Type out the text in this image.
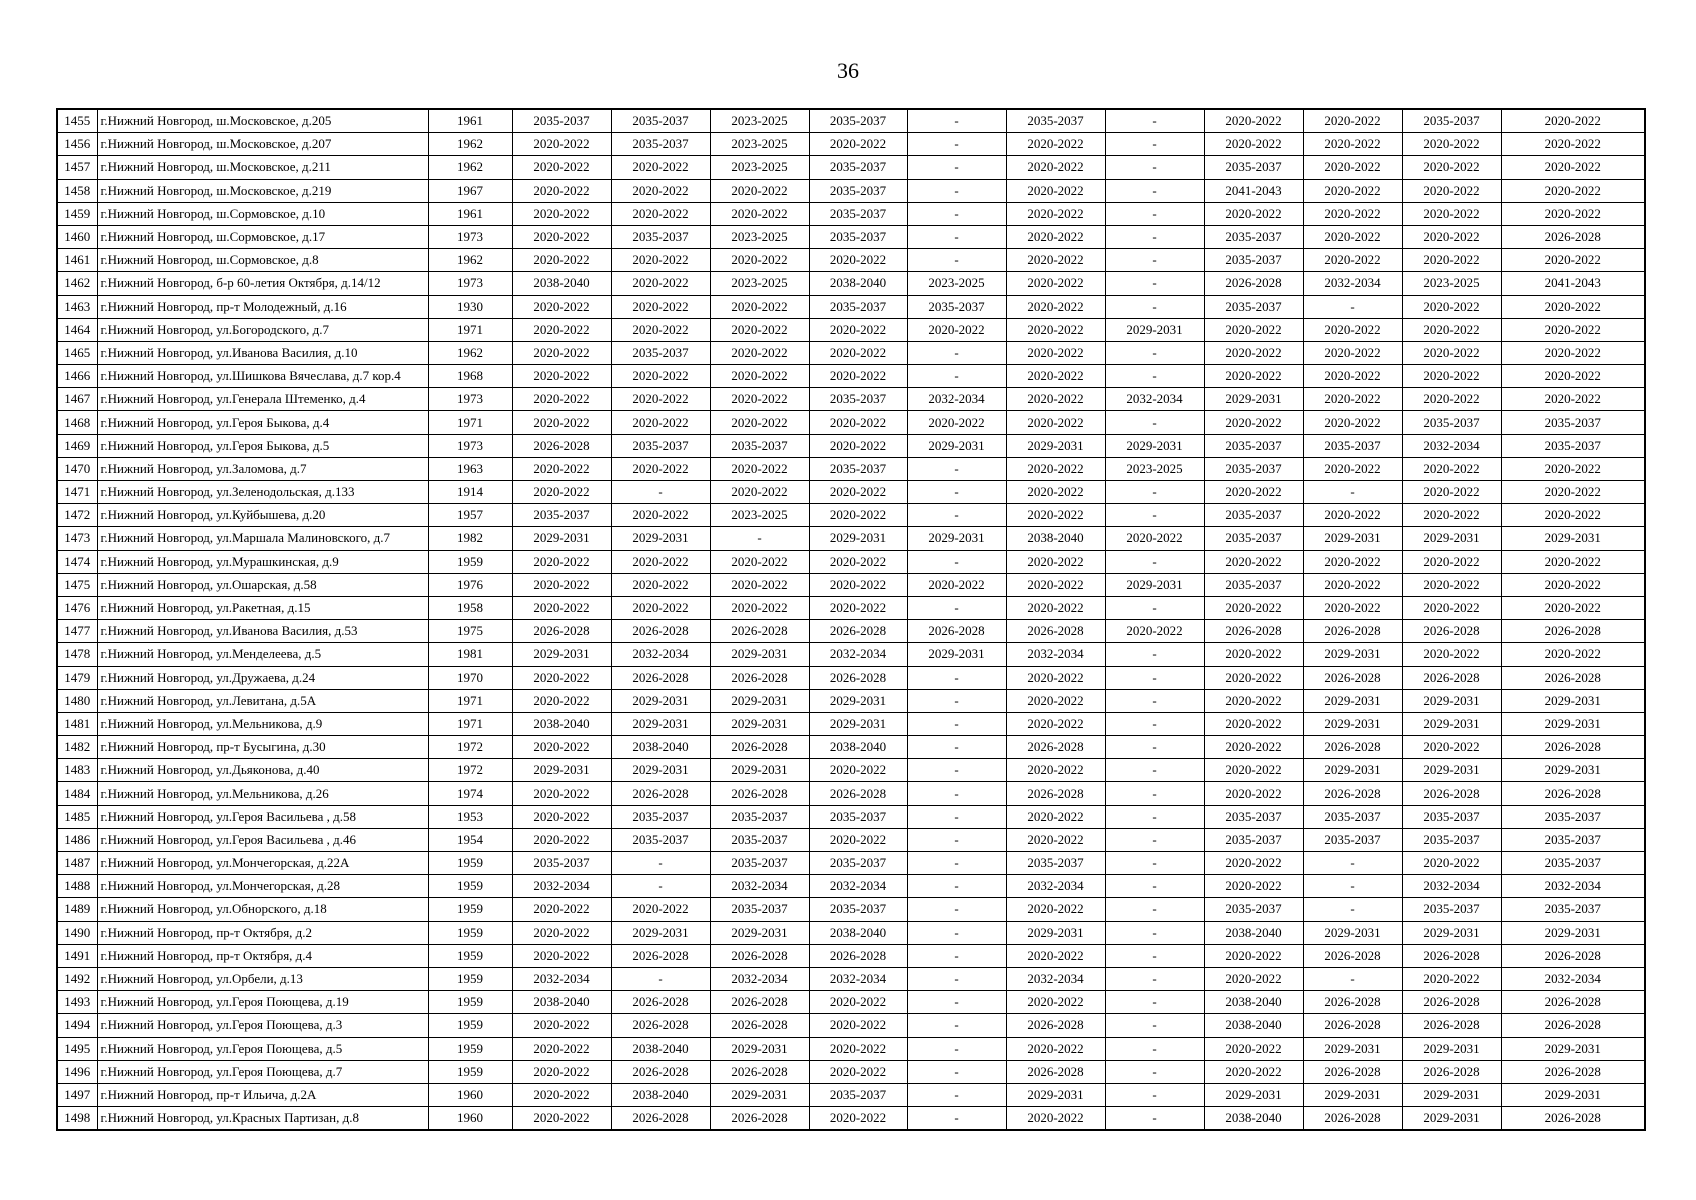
36
1455	г.Нижний Новгород, ш.Московское, д.205	1961	2035-2037	2035-2037	2023-2025	2035-2037	-	2035-2037	-	2020-2022	2020-2022	2035-2037	2020-2022
1456	г.Нижний Новгород, ш.Московское, д.207	1962	2020-2022	2035-2037	2023-2025	2020-2022	-	2020-2022	-	2020-2022	2020-2022	2020-2022	2020-2022
1457	г.Нижний Новгород, ш.Московское, д.211	1962	2020-2022	2020-2022	2023-2025	2035-2037	-	2020-2022	-	2035-2037	2020-2022	2020-2022	2020-2022
1458	г.Нижний Новгород, ш.Московское, д.219	1967	2020-2022	2020-2022	2020-2022	2035-2037	-	2020-2022	-	2041-2043	2020-2022	2020-2022	2020-2022
1459	г.Нижний Новгород, ш.Сормовское, д.10	1961	2020-2022	2020-2022	2020-2022	2035-2037	-	2020-2022	-	2020-2022	2020-2022	2020-2022	2020-2022
1460	г.Нижний Новгород, ш.Сормовское, д.17	1973	2020-2022	2035-2037	2023-2025	2035-2037	-	2020-2022	-	2035-2037	2020-2022	2020-2022	2026-2028
1461	г.Нижний Новгород, ш.Сормовское, д.8	1962	2020-2022	2020-2022	2020-2022	2020-2022	-	2020-2022	-	2035-2037	2020-2022	2020-2022	2020-2022
1462	г.Нижний Новгород, б-р 60-летия Октября, д.14/12	1973	2038-2040	2020-2022	2023-2025	2038-2040	2023-2025	2020-2022	-	2026-2028	2032-2034	2023-2025	2041-2043
1463	г.Нижний Новгород, пр-т Молодежный, д.16	1930	2020-2022	2020-2022	2020-2022	2035-2037	2035-2037	2020-2022	-	2035-2037	-	2020-2022	2020-2022
1464	г.Нижний Новгород, ул.Богородского, д.7	1971	2020-2022	2020-2022	2020-2022	2020-2022	2020-2022	2020-2022	2029-2031	2020-2022	2020-2022	2020-2022	2020-2022
1465	г.Нижний Новгород, ул.Иванова Василия, д.10	1962	2020-2022	2035-2037	2020-2022	2020-2022	-	2020-2022	-	2020-2022	2020-2022	2020-2022	2020-2022
1466	г.Нижний Новгород, ул.Шишкова Вячеслава, д.7 кор.4	1968	2020-2022	2020-2022	2020-2022	2020-2022	-	2020-2022	-	2020-2022	2020-2022	2020-2022	2020-2022
1467	г.Нижний Новгород, ул.Генерала Штеменко, д.4	1973	2020-2022	2020-2022	2020-2022	2035-2037	2032-2034	2020-2022	2032-2034	2029-2031	2020-2022	2020-2022	2020-2022
1468	г.Нижний Новгород, ул.Героя Быкова, д.4	1971	2020-2022	2020-2022	2020-2022	2020-2022	2020-2022	2020-2022	-	2020-2022	2020-2022	2035-2037	2035-2037
1469	г.Нижний Новгород, ул.Героя Быкова, д.5	1973	2026-2028	2035-2037	2035-2037	2020-2022	2029-2031	2029-2031	2029-2031	2035-2037	2035-2037	2032-2034	2035-2037
1470	г.Нижний Новгород, ул.Заломова, д.7	1963	2020-2022	2020-2022	2020-2022	2035-2037	-	2020-2022	2023-2025	2035-2037	2020-2022	2020-2022	2020-2022
1471	г.Нижний Новгород, ул.Зеленодольская, д.133	1914	2020-2022	-	2020-2022	2020-2022	-	2020-2022	-	2020-2022	-	2020-2022	2020-2022
1472	г.Нижний Новгород, ул.Куйбышева, д.20	1957	2035-2037	2020-2022	2023-2025	2020-2022	-	2020-2022	-	2035-2037	2020-2022	2020-2022	2020-2022
1473	г.Нижний Новгород, ул.Маршала Малиновского, д.7	1982	2029-2031	2029-2031	-	2029-2031	2029-2031	2038-2040	2020-2022	2035-2037	2029-2031	2029-2031	2029-2031
1474	г.Нижний Новгород, ул.Мурашкинская, д.9	1959	2020-2022	2020-2022	2020-2022	2020-2022	-	2020-2022	-	2020-2022	2020-2022	2020-2022	2020-2022
1475	г.Нижний Новгород, ул.Ошарская, д.58	1976	2020-2022	2020-2022	2020-2022	2020-2022	2020-2022	2020-2022	2029-2031	2035-2037	2020-2022	2020-2022	2020-2022
1476	г.Нижний Новгород, ул.Ракетная, д.15	1958	2020-2022	2020-2022	2020-2022	2020-2022	-	2020-2022	-	2020-2022	2020-2022	2020-2022	2020-2022
1477	г.Нижний Новгород, ул.Иванова Василия, д.53	1975	2026-2028	2026-2028	2026-2028	2026-2028	2026-2028	2026-2028	2020-2022	2026-2028	2026-2028	2026-2028	2026-2028
1478	г.Нижний Новгород, ул.Менделеева, д.5	1981	2029-2031	2032-2034	2029-2031	2032-2034	2029-2031	2032-2034	-	2020-2022	2029-2031	2020-2022	2020-2022
1479	г.Нижний Новгород, ул.Дружаева, д.24	1970	2020-2022	2026-2028	2026-2028	2026-2028	-	2020-2022	-	2020-2022	2026-2028	2026-2028	2026-2028
1480	г.Нижний Новгород, ул.Левитана, д.5А	1971	2020-2022	2029-2031	2029-2031	2029-2031	-	2020-2022	-	2020-2022	2029-2031	2029-2031	2029-2031
1481	г.Нижний Новгород, ул.Мельникова, д.9	1971	2038-2040	2029-2031	2029-2031	2029-2031	-	2020-2022	-	2020-2022	2029-2031	2029-2031	2029-2031
1482	г.Нижний Новгород, пр-т Бусыгина, д.30	1972	2020-2022	2038-2040	2026-2028	2038-2040	-	2026-2028	-	2020-2022	2026-2028	2020-2022	2026-2028
1483	г.Нижний Новгород, ул.Дьяконова, д.40	1972	2029-2031	2029-2031	2029-2031	2020-2022	-	2020-2022	-	2020-2022	2029-2031	2029-2031	2029-2031
1484	г.Нижний Новгород, ул.Мельникова, д.26	1974	2020-2022	2026-2028	2026-2028	2026-2028	-	2026-2028	-	2020-2022	2026-2028	2026-2028	2026-2028
1485	г.Нижний Новгород, ул.Героя Васильева , д.58	1953	2020-2022	2035-2037	2035-2037	2035-2037	-	2020-2022	-	2035-2037	2035-2037	2035-2037	2035-2037
1486	г.Нижний Новгород, ул.Героя Васильева , д.46	1954	2020-2022	2035-2037	2035-2037	2020-2022	-	2020-2022	-	2035-2037	2035-2037	2035-2037	2035-2037
1487	г.Нижний Новгород, ул.Мончегорская, д.22А	1959	2035-2037	-	2035-2037	2035-2037	-	2035-2037	-	2020-2022	-	2020-2022	2035-2037
1488	г.Нижний Новгород, ул.Мончегорская, д.28	1959	2032-2034	-	2032-2034	2032-2034	-	2032-2034	-	2020-2022	-	2032-2034	2032-2034
1489	г.Нижний Новгород, ул.Обнорского, д.18	1959	2020-2022	2020-2022	2035-2037	2035-2037	-	2020-2022	-	2035-2037	-	2035-2037	2035-2037
1490	г.Нижний Новгород, пр-т Октября, д.2	1959	2020-2022	2029-2031	2029-2031	2038-2040	-	2029-2031	-	2038-2040	2029-2031	2029-2031	2029-2031
1491	г.Нижний Новгород, пр-т Октября, д.4	1959	2020-2022	2026-2028	2026-2028	2026-2028	-	2020-2022	-	2020-2022	2026-2028	2026-2028	2026-2028
1492	г.Нижний Новгород, ул.Орбели, д.13	1959	2032-2034	-	2032-2034	2032-2034	-	2032-2034	-	2020-2022	-	2020-2022	2032-2034
1493	г.Нижний Новгород, ул.Героя Поющева, д.19	1959	2038-2040	2026-2028	2026-2028	2020-2022	-	2020-2022	-	2038-2040	2026-2028	2026-2028	2026-2028
1494	г.Нижний Новгород, ул.Героя Поющева, д.3	1959	2020-2022	2026-2028	2026-2028	2020-2022	-	2026-2028	-	2038-2040	2026-2028	2026-2028	2026-2028
1495	г.Нижний Новгород, ул.Героя Поющева, д.5	1959	2020-2022	2038-2040	2029-2031	2020-2022	-	2020-2022	-	2020-2022	2029-2031	2029-2031	2029-2031
1496	г.Нижний Новгород, ул.Героя Поющева, д.7	1959	2020-2022	2026-2028	2026-2028	2020-2022	-	2026-2028	-	2020-2022	2026-2028	2026-2028	2026-2028
1497	г.Нижний Новгород, пр-т Ильича, д.2А	1960	2020-2022	2038-2040	2029-2031	2035-2037	-	2029-2031	-	2029-2031	2029-2031	2029-2031	2029-2031
1498	г.Нижний Новгород, ул.Красных Партизан, д.8	1960	2020-2022	2026-2028	2026-2028	2020-2022	-	2020-2022	-	2038-2040	2026-2028	2029-2031	2026-2028
